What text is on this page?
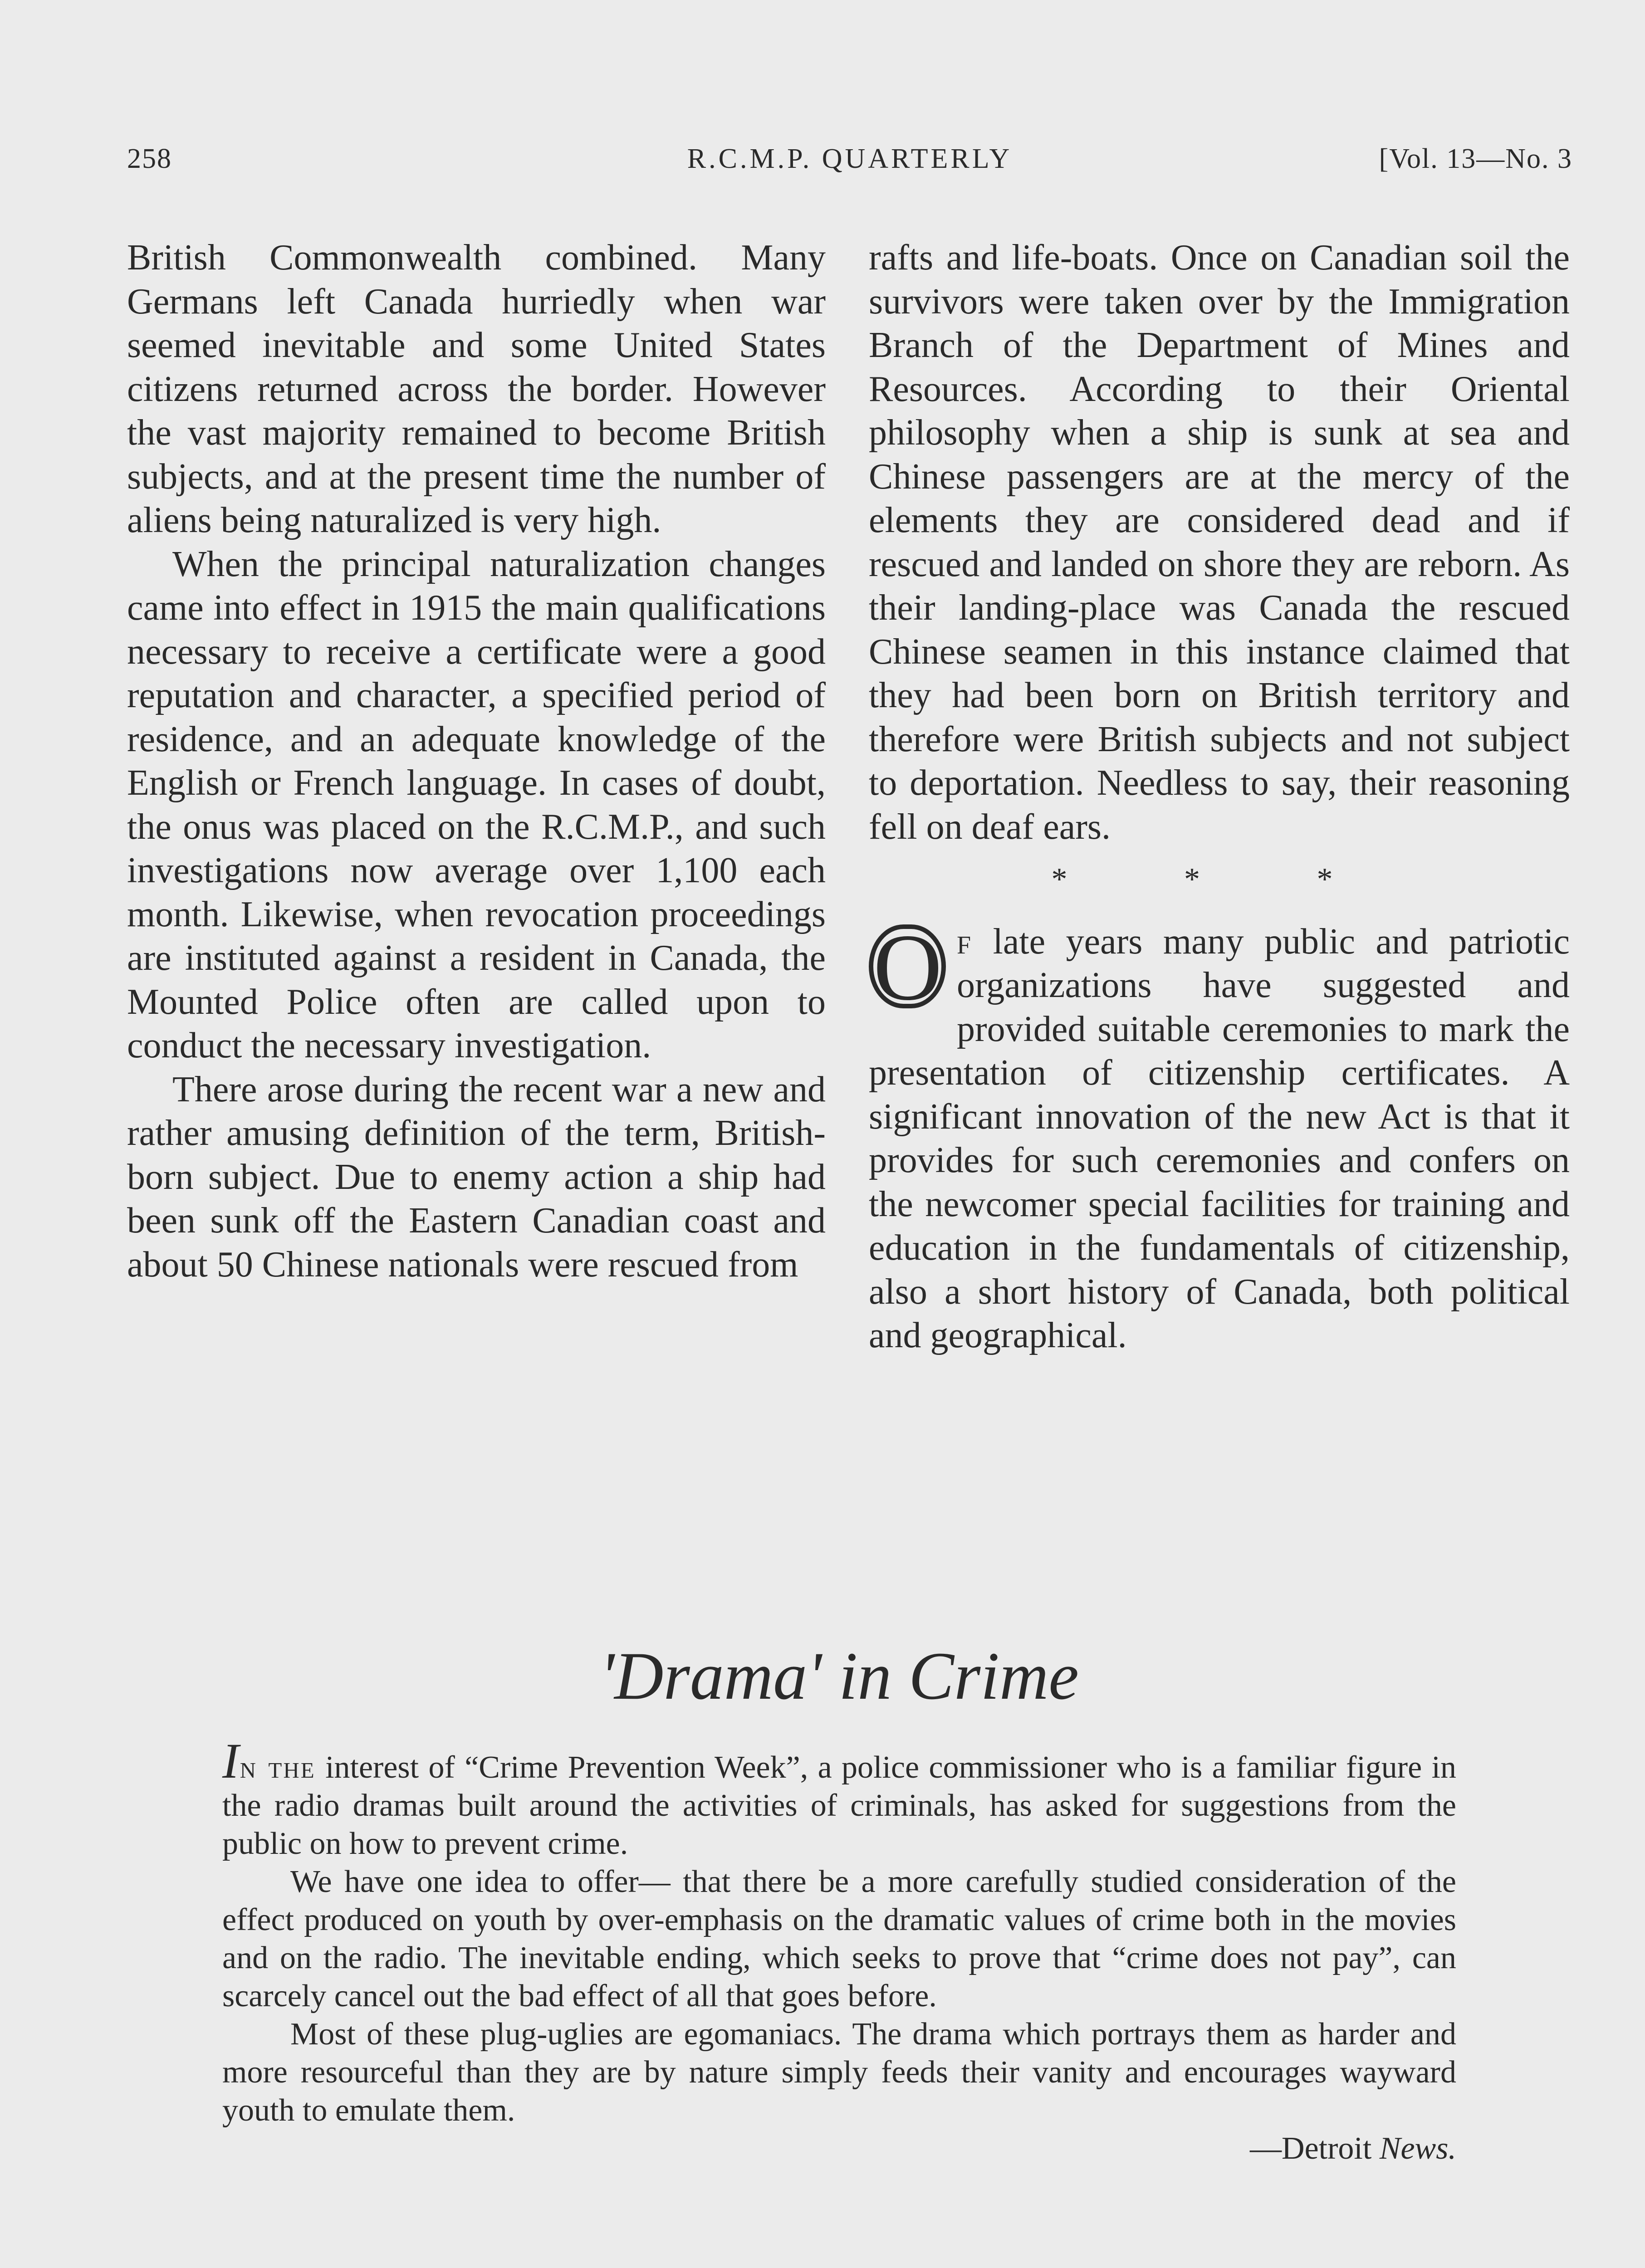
258	R.C.M.P. QUARTERLY	[Vol. 13—No. 3

British Commonwealth combined. Many Germans left Canada hurriedly when war seemed inevitable and some United States citizens returned across the border. However the vast majority remained to become British subjects, and at the present time the number of aliens being naturalized is very high.

When the principal naturalization changes came into effect in 1915 the main qualifications necessary to receive a certificate were a good reputation and character, a specified period of residence, and an adequate knowledge of the English or French language. In cases of doubt, the onus was placed on the R.C.M.P., and such investigations now average over 1,100 each month. Likewise, when revocation proceedings are instituted against a resident in Canada, the Mounted Police often are called upon to conduct the necessary investigation.

There arose during the recent war a new and rather amusing definition of the term, British-born subject. Due to enemy action a ship had been sunk off the Eastern Canadian coast and about 50 Chinese nationals were rescued from

rafts and life-boats. Once on Canadian soil the survivors were taken over by the Immigration Branch of the Department of Mines and Resources. According to their Oriental philosophy when a ship is sunk at sea and Chinese passengers are at the mercy of the elements they are considered dead and if rescued and landed on shore they are reborn. As their landing-place was Canada the rescued Chinese seamen in this instance claimed that they had been born on British territory and therefore were British subjects and not subject to deportation. Needless to say, their reasoning fell on deaf ears.

* * *

O f late years many public and patriotic organizations have suggested and provided suitable ceremonies to mark the presentation of citizenship certificates. A significant innovation of the new Act is that it provides for such ceremonies and confers on the newcomer special facilities for training and education in the fundamentals of citizenship, also a short history of Canada, both political and geographical.

'Drama' in Crime

In the interest of “Crime Prevention Week”, a police commissioner who is a familiar figure in the radio dramas built around the activities of criminals, has asked for suggestions from the public on how to prevent crime.

We have one idea to offer— that there be a more carefully studied consideration of the effect produced on youth by over-emphasis on the dramatic values of crime both in the movies and on the radio. The inevitable ending, which seeks to prove that “crime does not pay”, can scarcely cancel out the bad effect of all that goes before.

Most of these plug-uglies are egomaniacs. The drama which portrays them as harder and more resourceful than they are by nature simply feeds their vanity and encourages wayward youth to emulate them.

—Detroit News.
